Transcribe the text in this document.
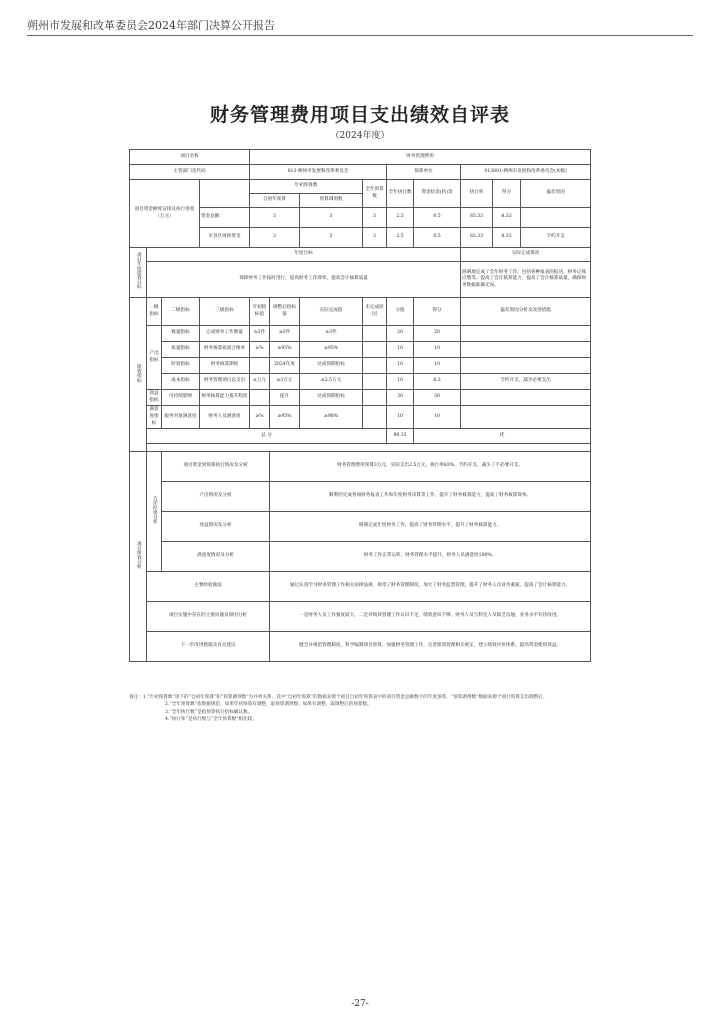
朔州市发展和改革委员会2024年部门决算公开报告
财务管理费用项目支出绩效自评表
（2024年度）
项目名称				财务管理费用								
主管部门及代码				013-朔州市发展和改革委员会				预算单位		013001-朔州市发展和改革委员会(本级)		
项目资金额度安排及执行进度（万元）				年初预算数			全年预算数	全年执行数	资金结余(转)余	执行率	得分	偏差原因
				自初年预算		预算调剂数						
			资金总额：	3		3	3	2.5	0.5	83.33	8.33	
			市县区财政资金	3		3	3	2.5	0.5	83.33	8.33	节约开支
项目年度绩效目标	年度目标									实际完成情况		
	保障财务工作按时进行，提高财务工作效率，提高会计核算质量									圆满地完成了全年财务工作，包括各种报表的报送，财务记账应缴等。提高了会计核算能力，提高了会计核算质量，确保财务数据准确无误。		
绩效指标	一级指标	二级指标	三级指标	年初指标值	调整后指标值	实际完成值	未完成原因	分值	得分	偏差原因分析及改进措施		
	产出指标	数量指标	完成财务工作数量	≥3件	≥3件	≥3件		20	20			
		质量指标	财务核算质量合格率	≥%	≥95%	≥95%		10	10			
		时效指标	财务核算期间		2024年度	达成预期指标		10	10			
		成本指标	财务管理项目总支出	≤万元	≤3万元	≤2.5万元		10	8.3	节约开支，减少必要支出		
	效益指标	可持续影响	财务核算能力提升程度		提升	达成预期指标		30	30			
	满意度指标	服务对象满意度	财务人员满意度	≥%	≥95%	≥98%		10	10			
	总 分							98.33	优			

项目绩效分析	自评结果分析	项目资金到预算执行情况及分析			财务管理费用预算3万元，实际支出2.5万元，执行率83%，节约开支，减少了不必要开支。							
		产出情况及分析			顺利的完成各项财务报表工作和年度财务决算等工作，提升了财务核算能力，提高了财务核算效率。							
		效益情况及分析			圆满完成年度财务工作，提高了财务管理水平，提升了财务核算能力。							
		满意度情况及分析			财务工作正常运转，财务管理水平提升，财务人员满意度100%。							
	主要经验做法				通过认真学习财务管理工作相关法律法规，规章了财务管理制度，加大了财务监督管理，提升了财务人员业务素质，提高了会计核算能力。							
	项目实施中存在的主要问题及原因分析				一是财务人员工作强度较大，二是对绩效管理工作认识不足，绩效意识不够，财务人员与科室人员缺乏沟通，业务水平有待改进。							
	下一步改进措施及有关建议				健全并规范管理制度，科学编制项目预算，加强财务管理工作，完善绩效管理相关规定，建立绩效评价体系，提高资金使用效益。							
备注：1.“年初预算数”项下的“自初年预算”和“预算调剂数”为并列关系，其中“自初年预算”的数据来源于项目自初年预算表中的项目资金总额数字的年度预算，“预算调剂数”数据来源于项目预算支出调整后。
2.“全年预算数”依数据规范，如果年初预算有调整，取预算调剂数；如果有调整，取调整后的预算数。
3.“全年执行数”是指预算执行指标确认数。
4.“执行率”是执行数与“全年预算数”相比较。
-27-
